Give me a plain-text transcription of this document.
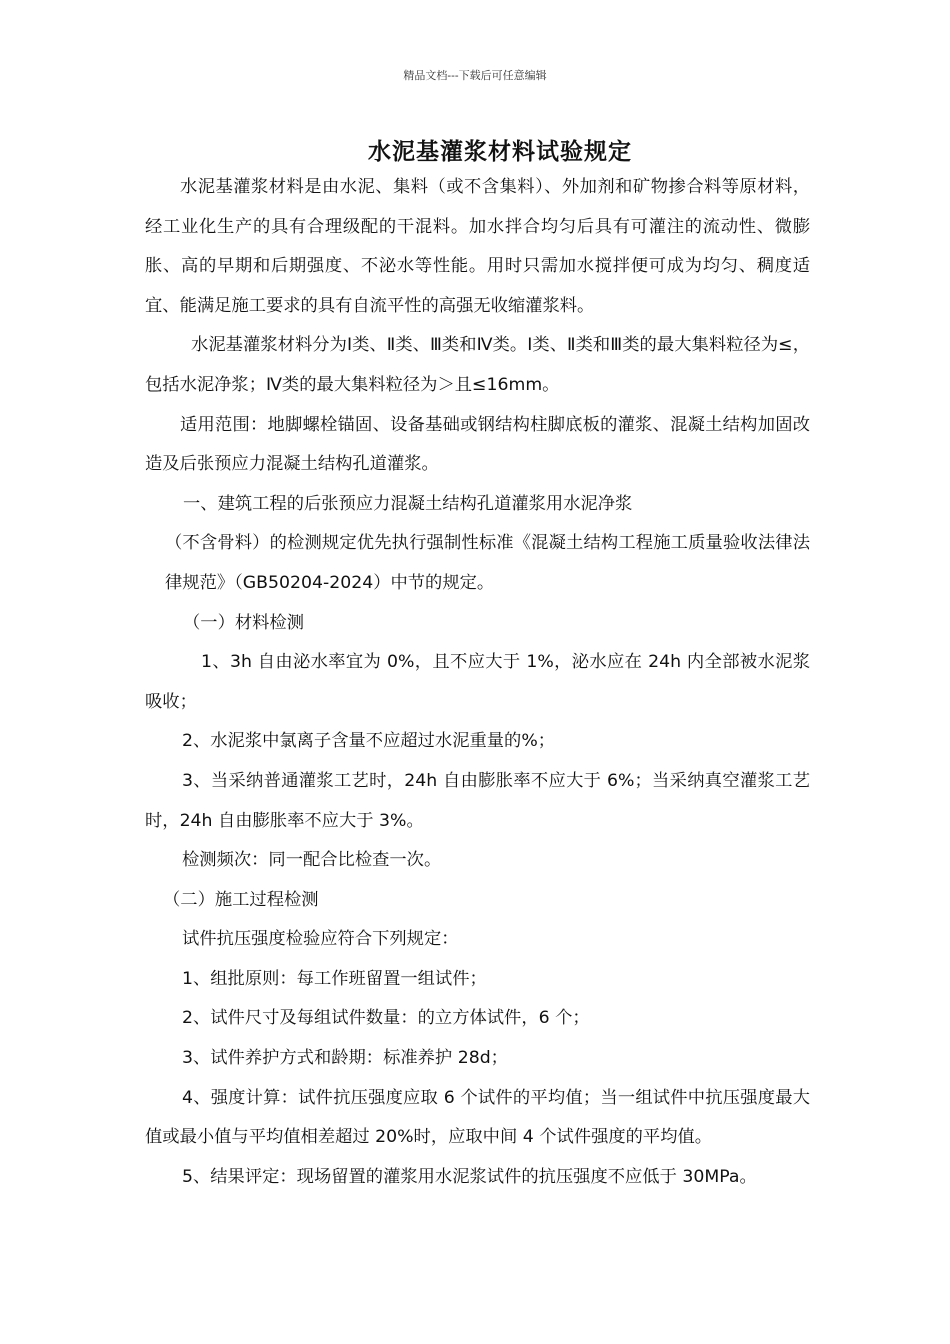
精品文档---下载后可任意编辑
水泥基灌浆材料试验规定

水泥基灌浆材料是由水泥、集料（或不含集料）、外加剂和矿物掺合料等原材料，经工业化生产的具有合理级配的干混料。加水拌合均匀后具有可灌注的流动性、微膨胀、高的早期和后期强度、不泌水等性能。用时只需加水搅拌便可成为均匀、稠度适宜、能满足施工要求的具有自流平性的高强无收缩灌浆料。

水泥基灌浆材料分为Ⅰ类、Ⅱ类、Ⅲ类和Ⅳ类。Ⅰ类、Ⅱ类和Ⅲ类的最大集料粒径为≤，包括水泥净浆；Ⅳ类的最大集料粒径为＞且≤16mm。

适用范围：地脚螺栓锚固、设备基础或钢结构柱脚底板的灌浆、混凝土结构加固改造及后张预应力混凝土结构孔道灌浆。

一、建筑工程的后张预应力混凝土结构孔道灌浆用水泥净浆

（不含骨料）的检测规定优先执行强制性标准《混凝土结构工程施工质量验收法律法律规范》（GB50204-2024）中节的规定。

（一）材料检测

1、3h 自由泌水率宜为 0%，且不应大于 1%，泌水应在 24h 内全部被水泥浆吸收；

2、水泥浆中氯离子含量不应超过水泥重量的%；

3、当采纳普通灌浆工艺时，24h 自由膨胀率不应大于 6%；当采纳真空灌浆工艺时，24h 自由膨胀率不应大于 3%。

检测频次：同一配合比检查一次。

（二）施工过程检测

试件抗压强度检验应符合下列规定：

1、组批原则：每工作班留置一组试件；

2、试件尺寸及每组试件数量：的立方体试件，6 个；

3、试件养护方式和龄期：标准养护 28d；

4、强度计算：试件抗压强度应取 6 个试件的平均值；当一组试件中抗压强度最大值或最小值与平均值相差超过 20%时，应取中间 4 个试件强度的平均值。

5、结果评定：现场留置的灌浆用水泥浆试件的抗压强度不应低于 30MPa。
